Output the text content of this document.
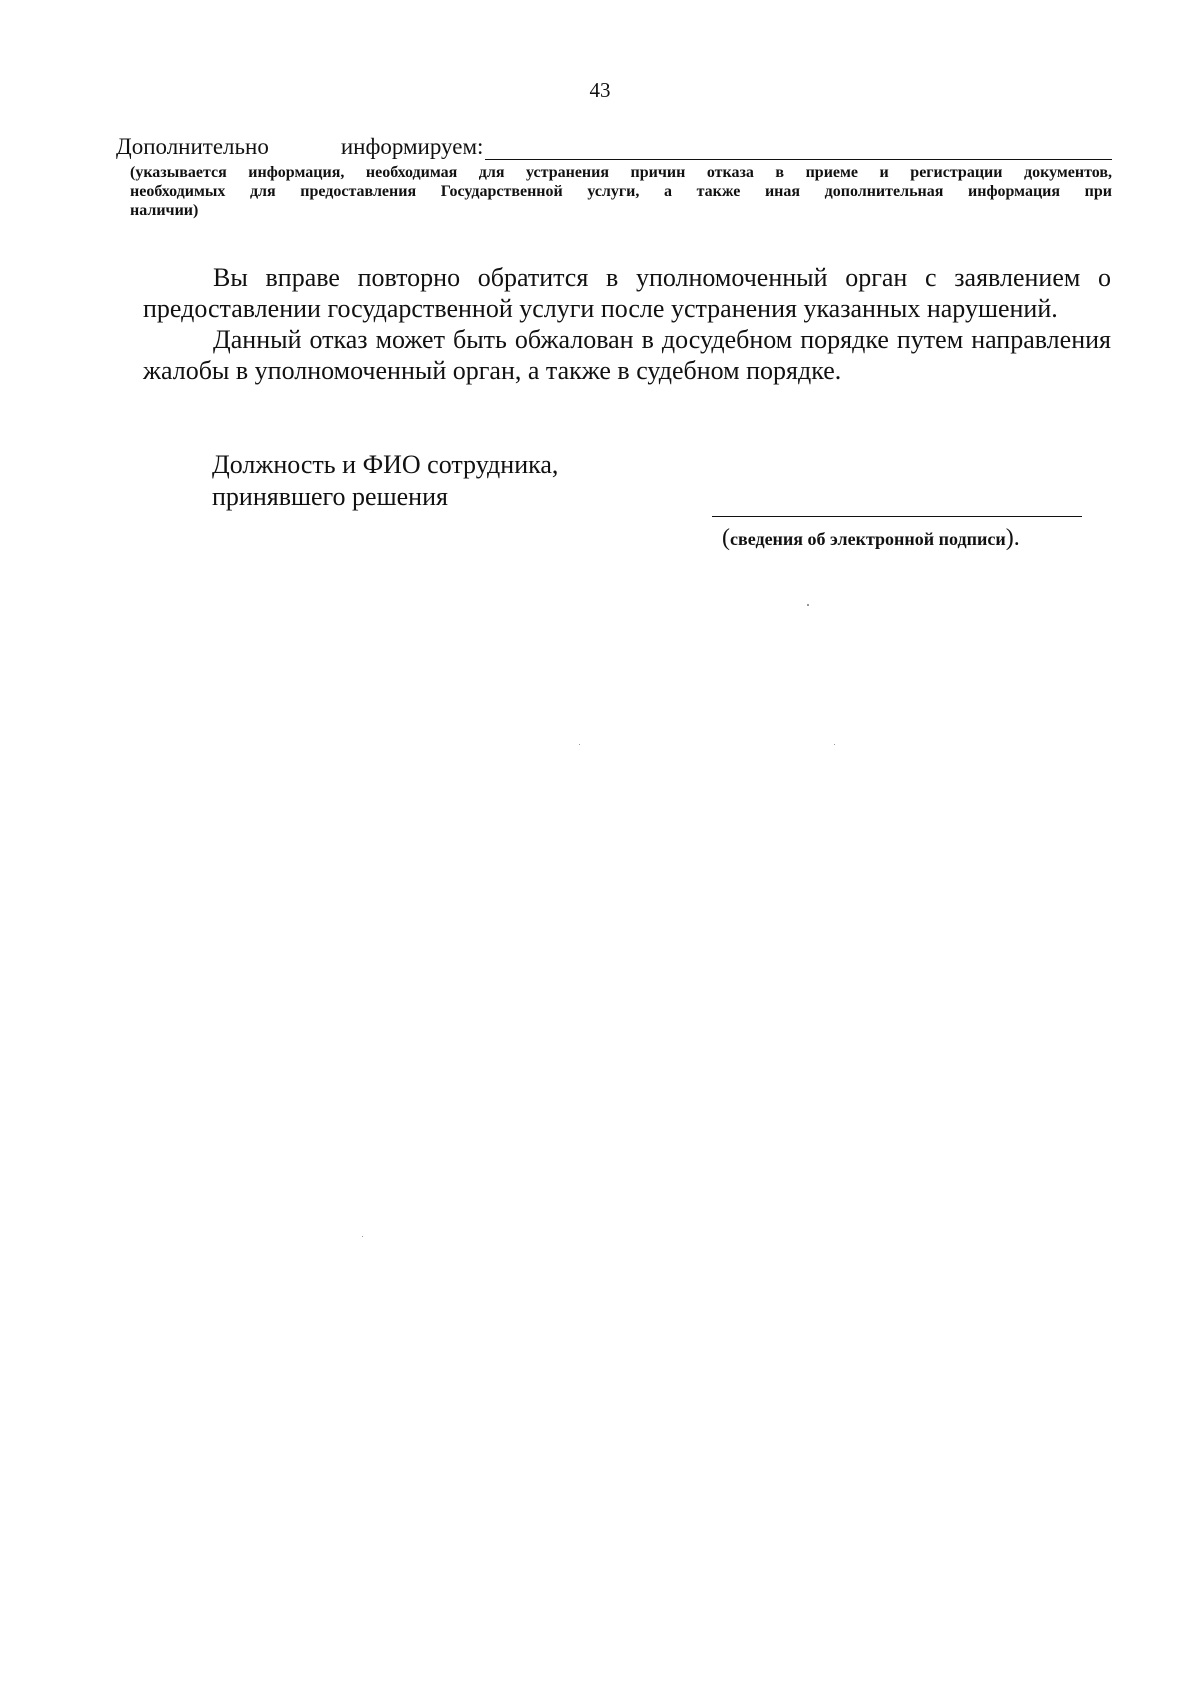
43
Дополнительно	информируем:
(указывается информация, необходимая для устранения причин отказа в приеме и регистрации документов,
необходимых для предоставления Государственной услуги, а также иная дополнительная информация при
наличии)

Вы вправе повторно обратится в уполномоченный орган с заявлением о предоставлении государственной услуги после устранения указанных нарушений.

Данный отказ может быть обжалован в досудебном порядке путем направления жалобы в уполномоченный орган, а также в судебном порядке.

Должность и ФИО сотрудника,
принявшего решения
(сведения об электронной подписи).
